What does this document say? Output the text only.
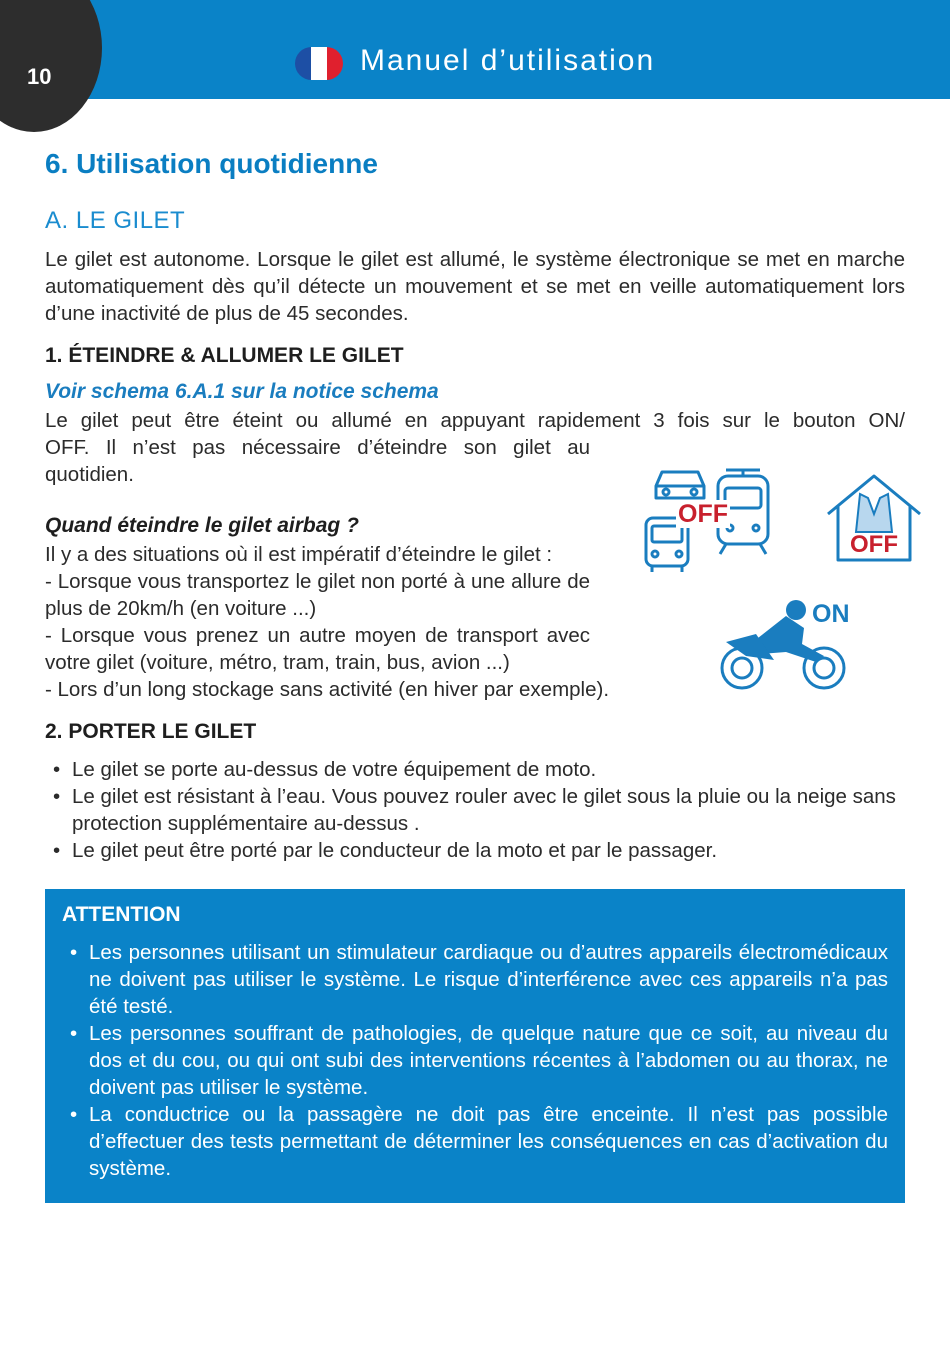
10	Manuel d’utilisation
6. Utilisation quotidienne
A. LE GILET

Le gilet est autonome. Lorsque le gilet est allumé, le système électronique se met en marche automatiquement dès qu’il détecte un mouvement et se met en veille automatiquement lors d’une inactivité de plus de 45 secondes.

1. ÉTEINDRE & ALLUMER LE GILET

Voir schema 6.A.1 sur la notice schema

Le gilet peut être éteint ou allumé en appuyant rapidement 3 fois sur le bouton ON/

OFF. Il n’est pas nécessaire d’éteindre son gilet au

quotidien.

Quand éteindre le gilet airbag ?

Il y a des situations où il est impératif d’éteindre le gilet :
- Lorsque vous transportez le gilet non porté à une allure de plus de 20km/h (en voiture ...)
- Lorsque vous prenez un autre moyen de transport avec votre gilet (voiture, métro, tram, train, bus, avion ...)
- Lors d’un long stockage sans activité (en hiver par exemple).
OFF
OFF
ON
2. PORTER LE GILET
• Le gilet se porte au-dessus de votre équipement de moto.
• Le gilet est résistant à l’eau. Vous pouvez rouler avec le gilet sous la pluie ou la neige sans protection supplémentaire au-dessus .
• Le gilet peut être porté par le conducteur de la moto et par le passager.
ATTENTION
• Les personnes utilisant un stimulateur cardiaque ou d’autres appareils électromédicaux ne doivent pas utiliser le système. Le risque d’interférence avec ces appareils n’a pas été testé.
• Les personnes souffrant de pathologies, de quelque nature que ce soit, au niveau du dos et du cou, ou qui ont subi des interventions récentes à l’abdomen ou au thorax, ne doivent pas utiliser le système.
• La conductrice ou la passagère ne doit pas être enceinte. Il n’est pas possible d’effectuer des tests permettant de déterminer les conséquences en cas d’activation du système.
